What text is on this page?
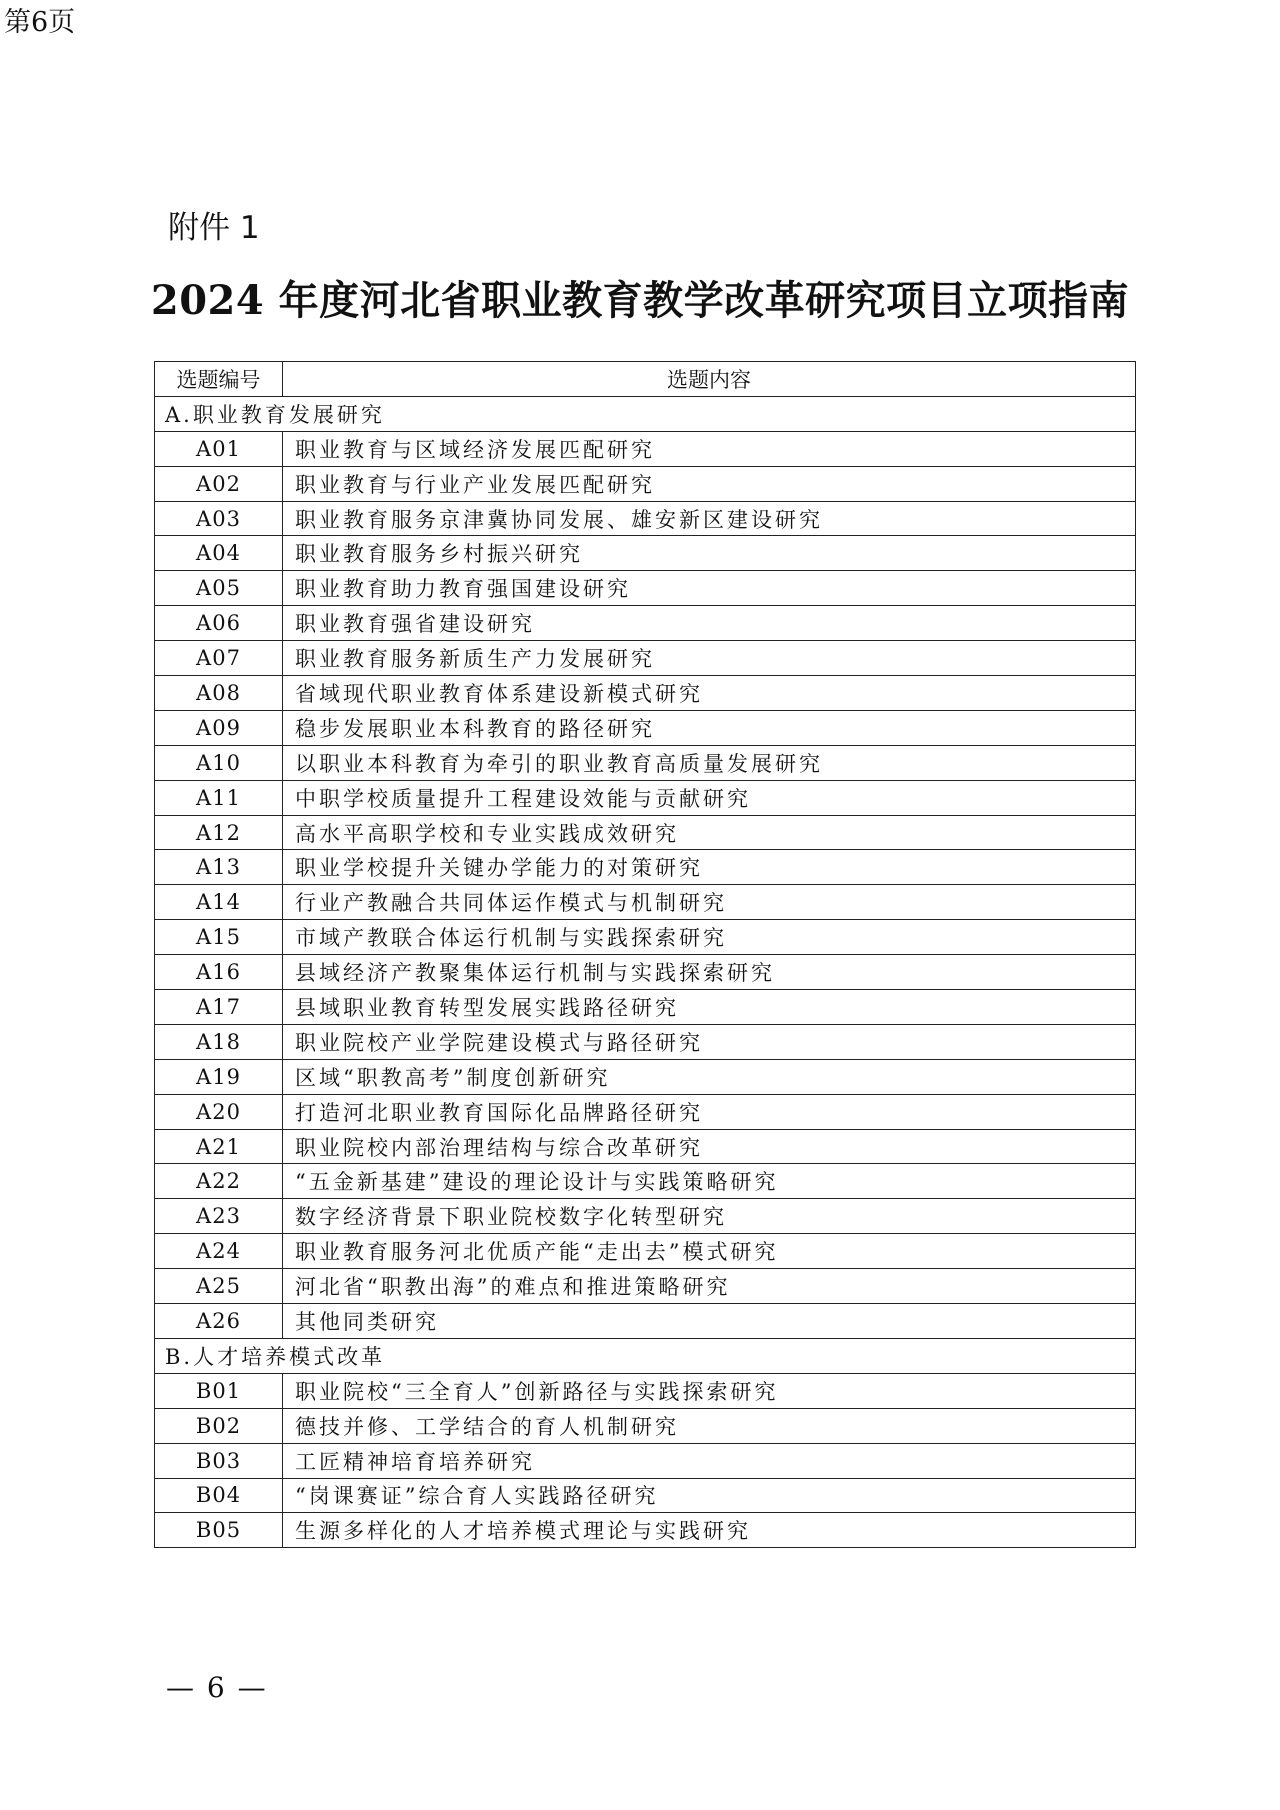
第6页
附件 1
2024 年度河北省职业教育教学改革研究项目立项指南
选题编号	选题内容
A.职业教育发展研究	
A01	职业教育与区域经济发展匹配研究
A02	职业教育与行业产业发展匹配研究
A03	职业教育服务京津冀协同发展、雄安新区建设研究
A04	职业教育服务乡村振兴研究
A05	职业教育助力教育强国建设研究
A06	职业教育强省建设研究
A07	职业教育服务新质生产力发展研究
A08	省域现代职业教育体系建设新模式研究
A09	稳步发展职业本科教育的路径研究
A10	以职业本科教育为牵引的职业教育高质量发展研究
A11	中职学校质量提升工程建设效能与贡献研究
A12	高水平高职学校和专业实践成效研究
A13	职业学校提升关键办学能力的对策研究
A14	行业产教融合共同体运作模式与机制研究
A15	市域产教联合体运行机制与实践探索研究
A16	县域经济产教聚集体运行机制与实践探索研究
A17	县域职业教育转型发展实践路径研究
A18	职业院校产业学院建设模式与路径研究
A19	区域“职教高考”制度创新研究
A20	打造河北职业教育国际化品牌路径研究
A21	职业院校内部治理结构与综合改革研究
A22	“五金新基建”建设的理论设计与实践策略研究
A23	数字经济背景下职业院校数字化转型研究
A24	职业教育服务河北优质产能“走出去”模式研究
A25	河北省“职教出海”的难点和推进策略研究
A26	其他同类研究
B.人才培养模式改革	
B01	职业院校“三全育人”创新路径与实践探索研究
B02	德技并修、工学结合的育人机制研究
B03	工匠精神培育培养研究
B04	“岗课赛证”综合育人实践路径研究
B05	生源多样化的人才培养模式理论与实践研究
— 6 —
